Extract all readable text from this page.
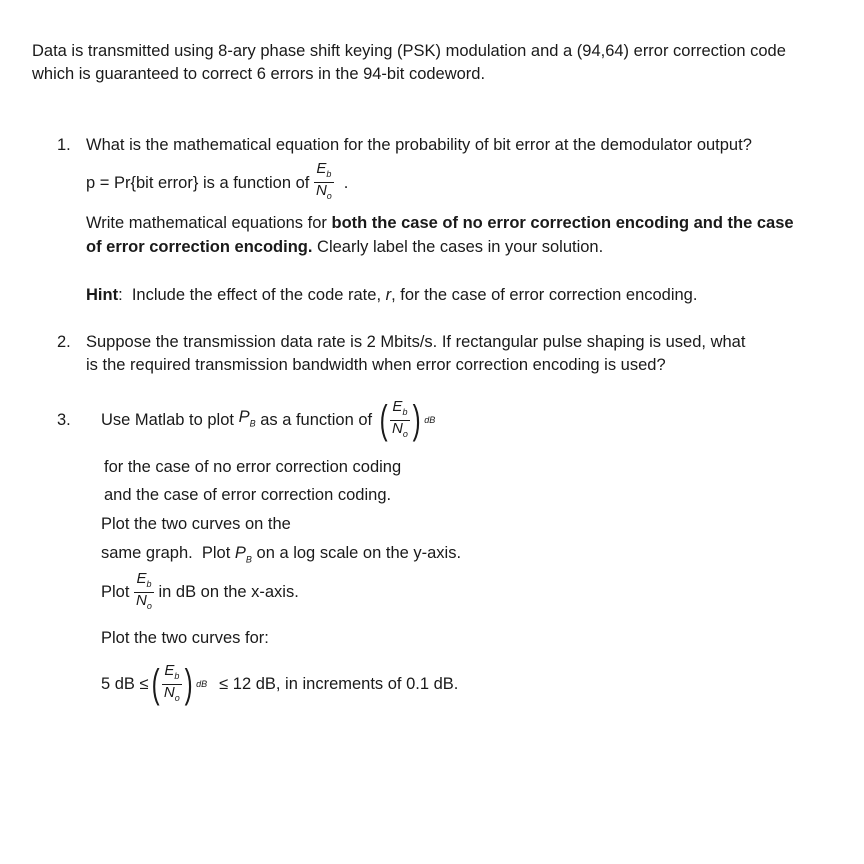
Data is transmitted using 8-ary phase shift keying (PSK) modulation and a (94,64) error correction code
which is guaranteed to correct 6 errors in the 94-bit codeword.
1. What is the mathematical equation for the probability of bit error at the demodulator output?
p = Pr{bit error} is a function of $\frac{E_b}{N_o}$ .
Write mathematical equations for both the case of no error correction encoding and the case
of error correction encoding. Clearly label the cases in your solution.
Hint:  Include the effect of the code rate, r, for the case of error correction encoding.
2. Suppose the transmission data rate is 2 Mbits/s. If rectangular pulse shaping is used, what
is the required transmission bandwidth when error correction encoding is used?
3. Use Matlab to plot $P_B$ as a function of ( $\frac{E_b}{N_o}$ ) dB
for the case of no error correction coding
and the case of error correction coding.
Plot the two curves on the
same graph.  Plot $P_B$ on a log scale on the y-axis.
Plot $\frac{E_b}{N_o}$ in dB on the x-axis.
Plot the two curves for:
5 dB ≤ ( $\frac{E_b}{N_o}$ ) dB ≤ 12 dB, in increments of 0.1 dB.
